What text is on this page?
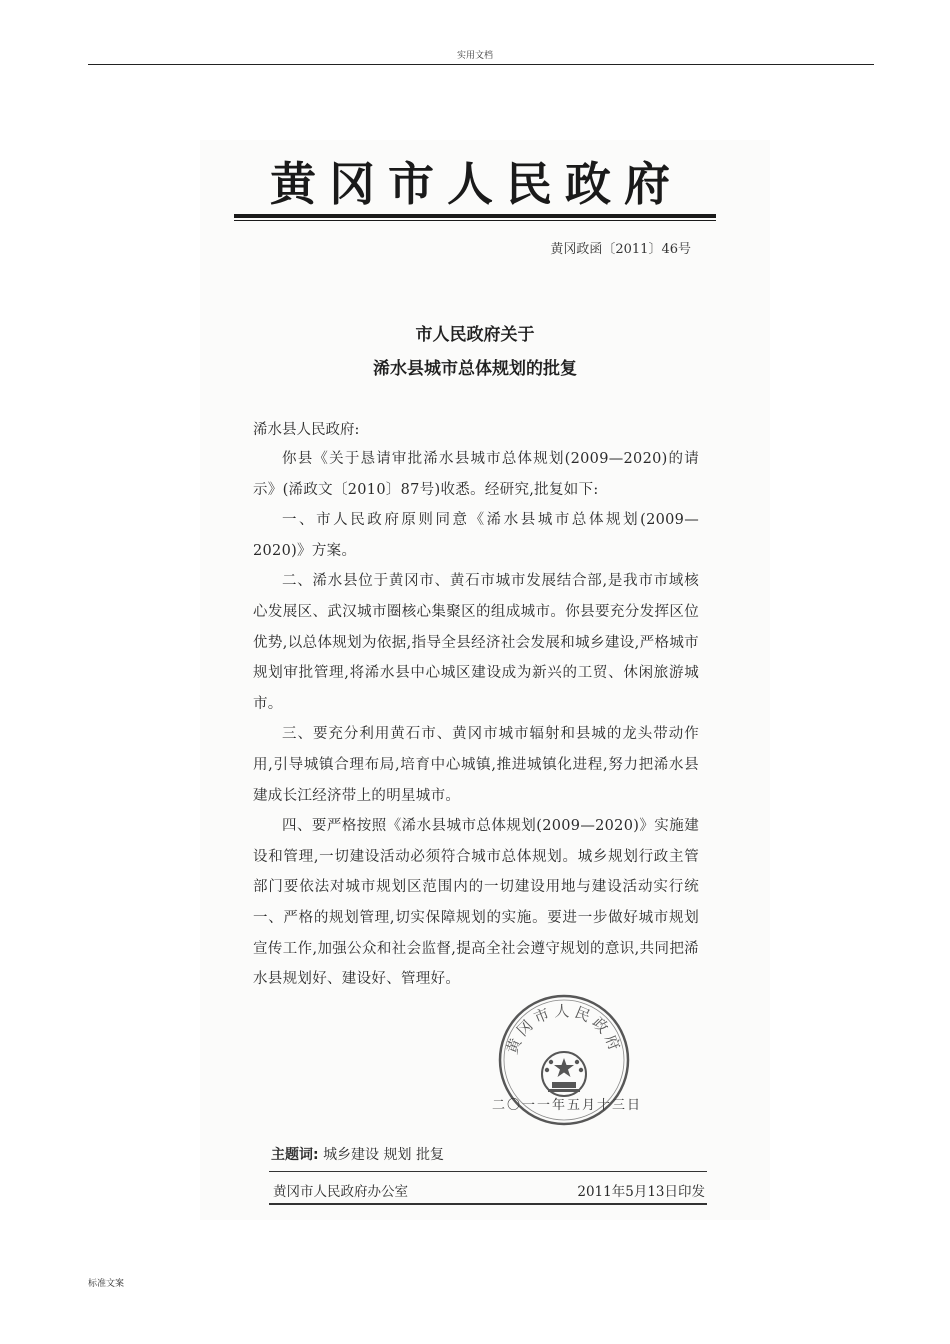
实用文档
黄冈市人民政府
黄冈政函〔2011〕46号
市人民政府关于
浠水县城市总体规划的批复
浠水县人民政府:

你县《关于恳请审批浠水县城市总体规划(2009—2020)的请示》(浠政文〔2010〕87号)收悉。经研究,批复如下:

一、市人民政府原则同意《浠水县城市总体规划(2009—2020)》方案。

二、浠水县位于黄冈市、黄石市城市发展结合部,是我市市域核心发展区、武汉城市圈核心集聚区的组成城市。你县要充分发挥区位优势,以总体规划为依据,指导全县经济社会发展和城乡建设,严格城市规划审批管理,将浠水县中心城区建设成为新兴的工贸、休闲旅游城市。

三、要充分利用黄石市、黄冈市城市辐射和县城的龙头带动作用,引导城镇合理布局,培育中心城镇,推进城镇化进程,努力把浠水县建成长江经济带上的明星城市。

四、要严格按照《浠水县城市总体规划(2009—2020)》实施建设和管理,一切建设活动必须符合城市总体规划。城乡规划行政主管部门要依法对城市规划区范围内的一切建设用地与建设活动实行统一、严格的规划管理,切实保障规划的实施。要进一步做好城市规划宣传工作,加强公众和社会监督,提高全社会遵守规划的意识,共同把浠水县规划好、建设好、管理好。

黄冈市人民政府
二〇一一年五月十三日
主题词: 城乡建设 规划 批复
黄冈市人民政府办公室	2011年5月13日印发
标准文案
